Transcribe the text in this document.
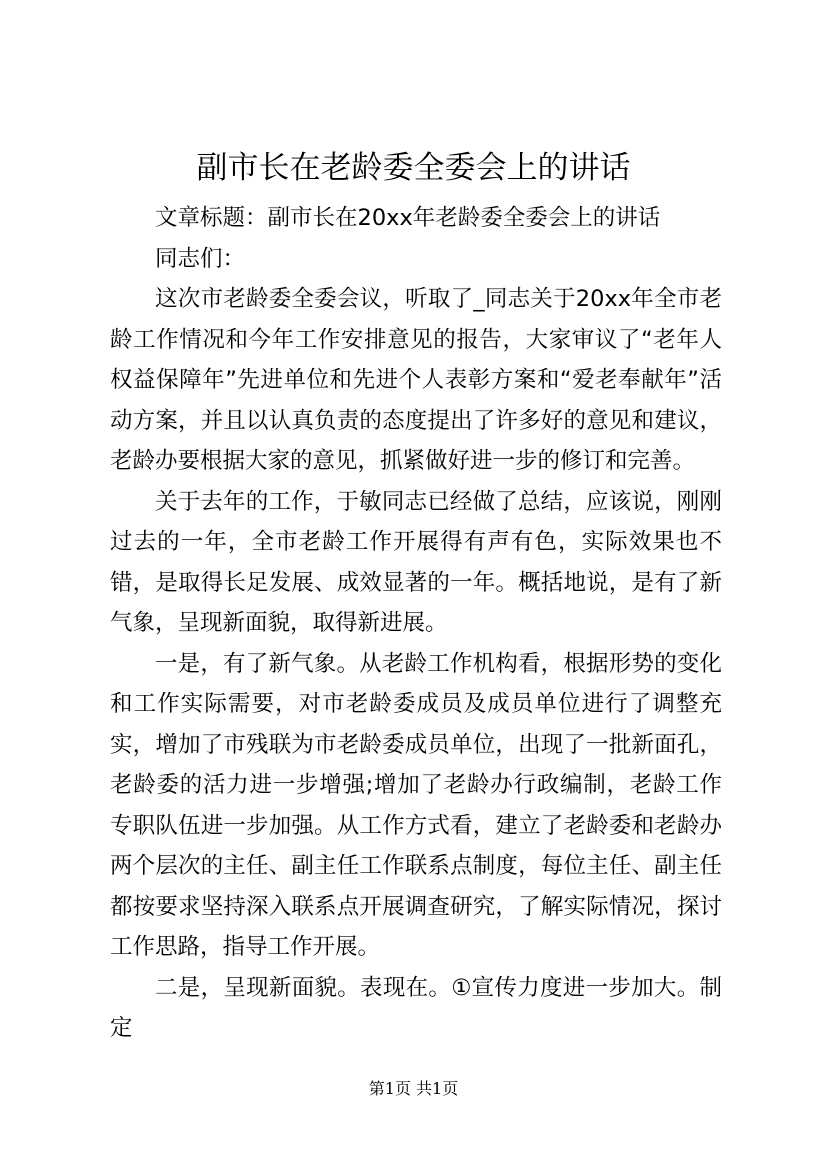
副市长在老龄委全委会上的讲话

文章标题：副市长在20xx年老龄委全委会上的讲话

同志们：

这次市老龄委全委会议，听取了_同志关于20xx年全市老龄工作情况和今年工作安排意见的报告，大家审议了“老年人权益保障年”先进单位和先进个人表彰方案和“爱老奉献年”活动方案，并且以认真负责的态度提出了许多好的意见和建议，老龄办要根据大家的意见，抓紧做好进一步的修订和完善。

关于去年的工作，于敏同志已经做了总结，应该说，刚刚过去的一年，全市老龄工作开展得有声有色，实际效果也不错，是取得长足发展、成效显著的一年。概括地说，是有了新气象，呈现新面貌，取得新进展。

一是，有了新气象。从老龄工作机构看，根据形势的变化和工作实际需要，对市老龄委成员及成员单位进行了调整充实，增加了市残联为市老龄委成员单位，出现了一批新面孔，老龄委的活力进一步增强;增加了老龄办行政编制，老龄工作专职队伍进一步加强。从工作方式看，建立了老龄委和老龄办两个层次的主任、副主任工作联系点制度，每位主任、副主任都按要求坚持深入联系点开展调查研究，了解实际情况，探讨工作思路，指导工作开展。

二是，呈现新面貌。表现在。①宣传力度进一步加大。制定

第1页 共1页
